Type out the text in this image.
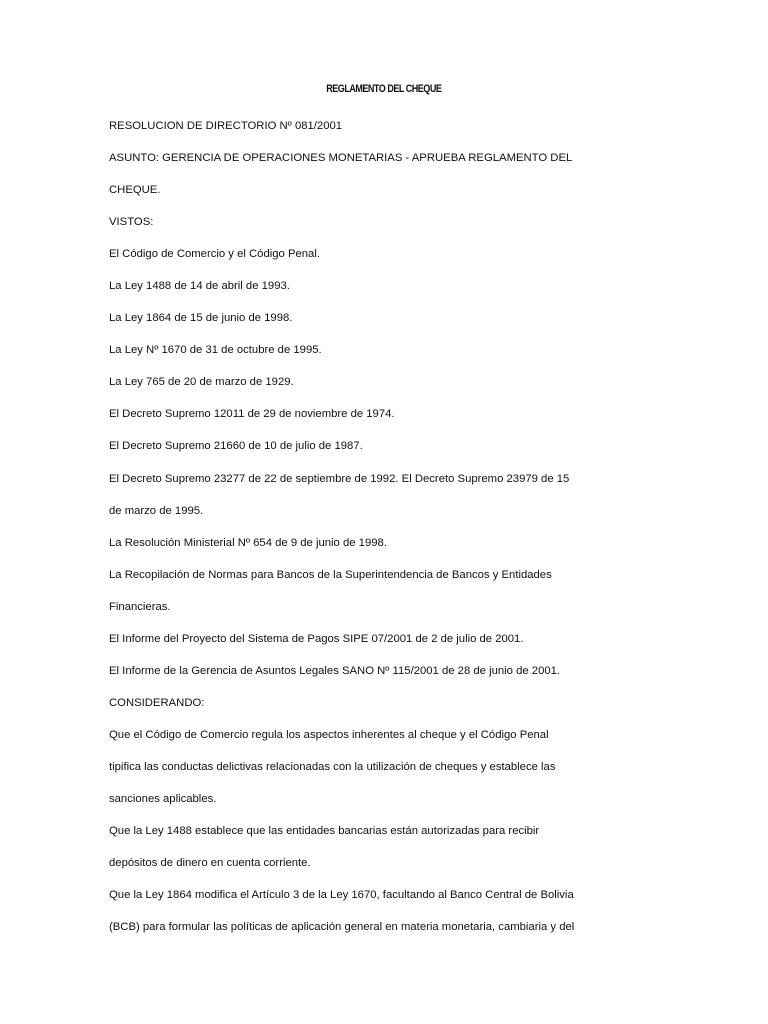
REGLAMENTO DEL CHEQUE
RESOLUCION DE DIRECTORIO Nº 081/2001
ASUNTO: GERENCIA DE OPERACIONES MONETARIAS - APRUEBA REGLAMENTO DEL
CHEQUE.
VISTOS:
El Código de Comercio y el Código Penal.
La Ley 1488 de 14 de abril de 1993.
La Ley 1864 de 15 de junio de 1998.
La Ley Nº 1670 de 31 de octubre de 1995.
La Ley 765 de 20 de marzo de 1929.
El Decreto Supremo 12011 de 29 de noviembre de 1974.
El Decreto Supremo 21660 de 10 de julio de 1987.
El Decreto Supremo 23277 de 22 de septiembre de 1992. El Decreto Supremo 23979 de 15
de marzo de 1995.
La Resolución Ministerial Nº 654 de 9 de junio de 1998.
La Recopilación de Normas para Bancos de la Superintendencia de Bancos y Entidades
Financieras.
El Informe del Proyecto del Sistema de Pagos SIPE 07/2001 de 2 de julio de 2001.
El Informe de la Gerencia de Asuntos Legales SANO Nº 115/2001 de 28 de junio de 2001.
CONSIDERANDO:
Que el Código de Comercio regula los aspectos inherentes al cheque y el Código Penal
tipifica las conductas delictivas relacionadas con la utilización de cheques y establece las
sanciones aplicables.
Que la Ley 1488 establece que las entidades bancarias están autorizadas para recibir
depósitos de dinero en cuenta corriente.
Que la Ley 1864 modifica el Artículo 3 de la Ley 1670, facultando al Banco Central de Bolivia
(BCB) para formular las políticas de aplicación general en materia monetaria, cambiaria y del
